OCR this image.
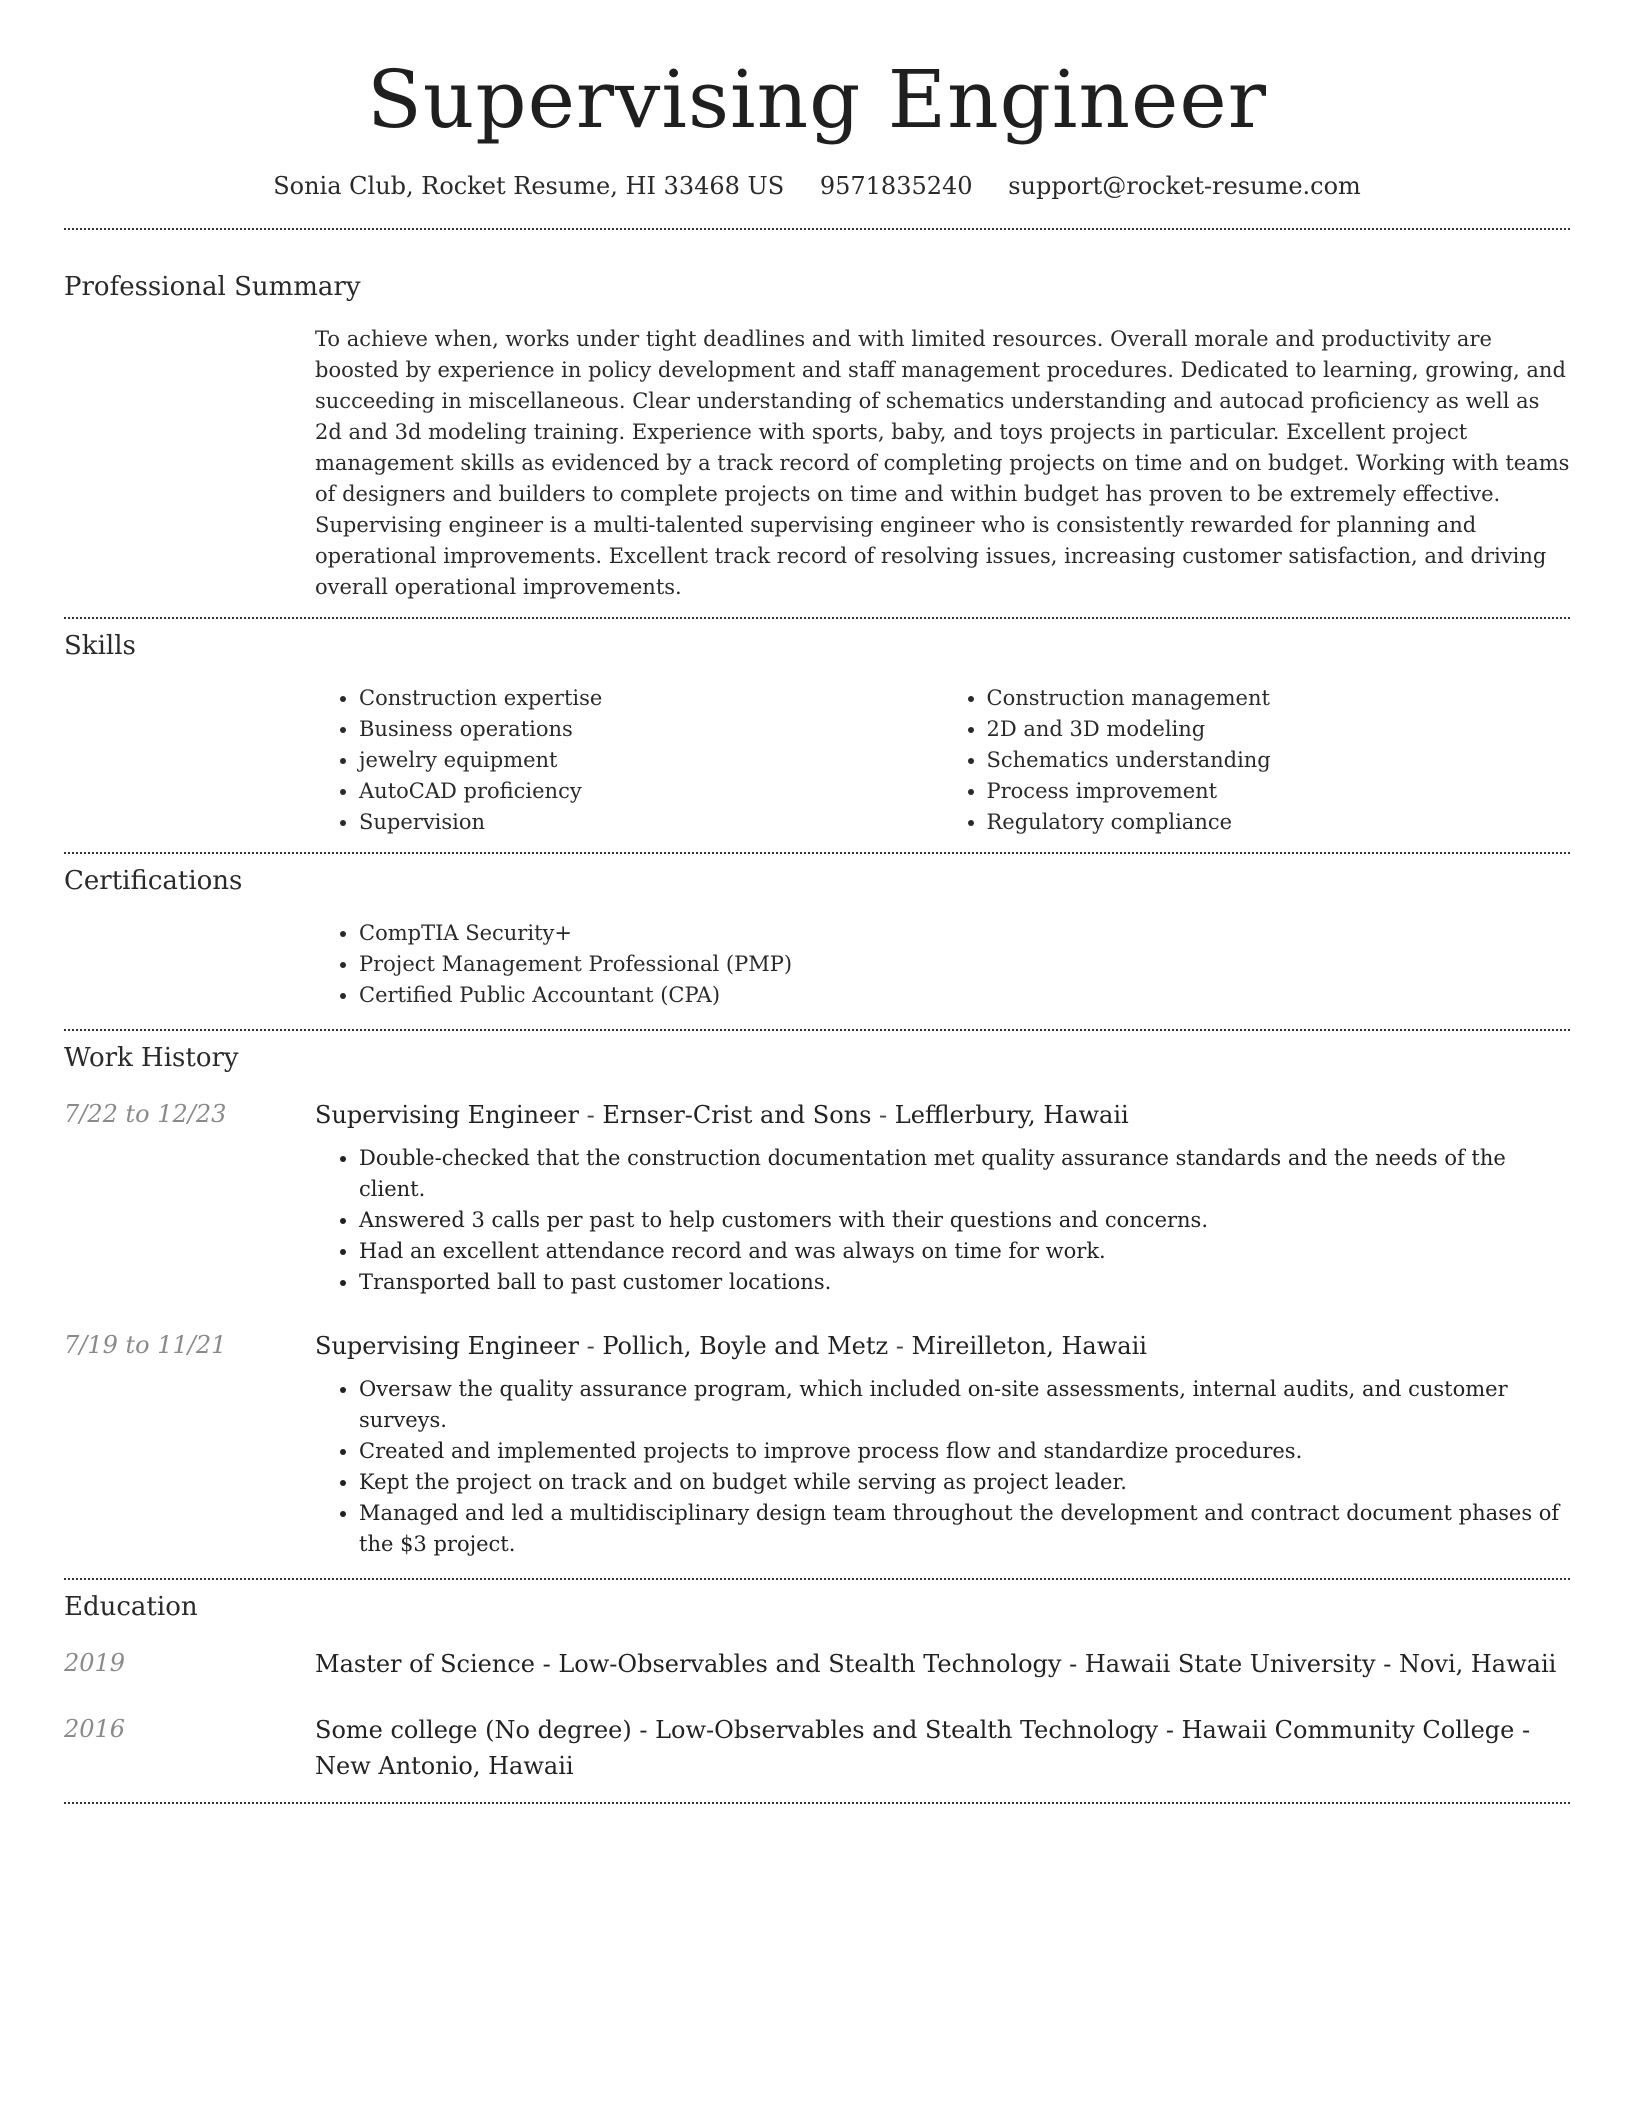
Supervising Engineer
Sonia Club, Rocket Resume, HI 33468 US 9571835240 support@rocket-resume.com
Professional Summary
To achieve when, works under tight deadlines and with limited resources. Overall morale and productivity are boosted by experience in policy development and staff management procedures. Dedicated to learning, growing, and succeeding in miscellaneous. Clear understanding of schematics understanding and autocad proficiency as well as 2d and 3d modeling training. Experience with sports, baby, and toys projects in particular. Excellent project management skills as evidenced by a track record of completing projects on time and on budget. Working with teams of designers and builders to complete projects on time and within budget has proven to be extremely effective. Supervising engineer is a multi-talented supervising engineer who is consistently rewarded for planning and operational improvements. Excellent track record of resolving issues, increasing customer satisfaction, and driving overall operational improvements.
Skills
• Construction expertise
• Business operations
• jewelry equipment
• AutoCAD proficiency
• Supervision
• Construction management
• 2D and 3D modeling
• Schematics understanding
• Process improvement
• Regulatory compliance
Certifications
• CompTIA Security+
• Project Management Professional (PMP)
• Certified Public Accountant (CPA)
Work History
7/22 to 12/23	Supervising Engineer - Ernser-Crist and Sons - Lefflerbury, Hawaii
• Double-checked that the construction documentation met quality assurance standards and the needs of the client.
• Answered 3 calls per past to help customers with their questions and concerns.
• Had an excellent attendance record and was always on time for work.
• Transported ball to past customer locations.
7/19 to 11/21	Supervising Engineer - Pollich, Boyle and Metz - Mireilleton, Hawaii
• Oversaw the quality assurance program, which included on-site assessments, internal audits, and customer surveys.
• Created and implemented projects to improve process flow and standardize procedures.
• Kept the project on track and on budget while serving as project leader.
• Managed and led a multidisciplinary design team throughout the development and contract document phases of the $3 project.
Education
2019	Master of Science - Low-Observables and Stealth Technology - Hawaii State University - Novi, Hawaii
2016	Some college (No degree) - Low-Observables and Stealth Technology - Hawaii Community College - New Antonio, Hawaii
